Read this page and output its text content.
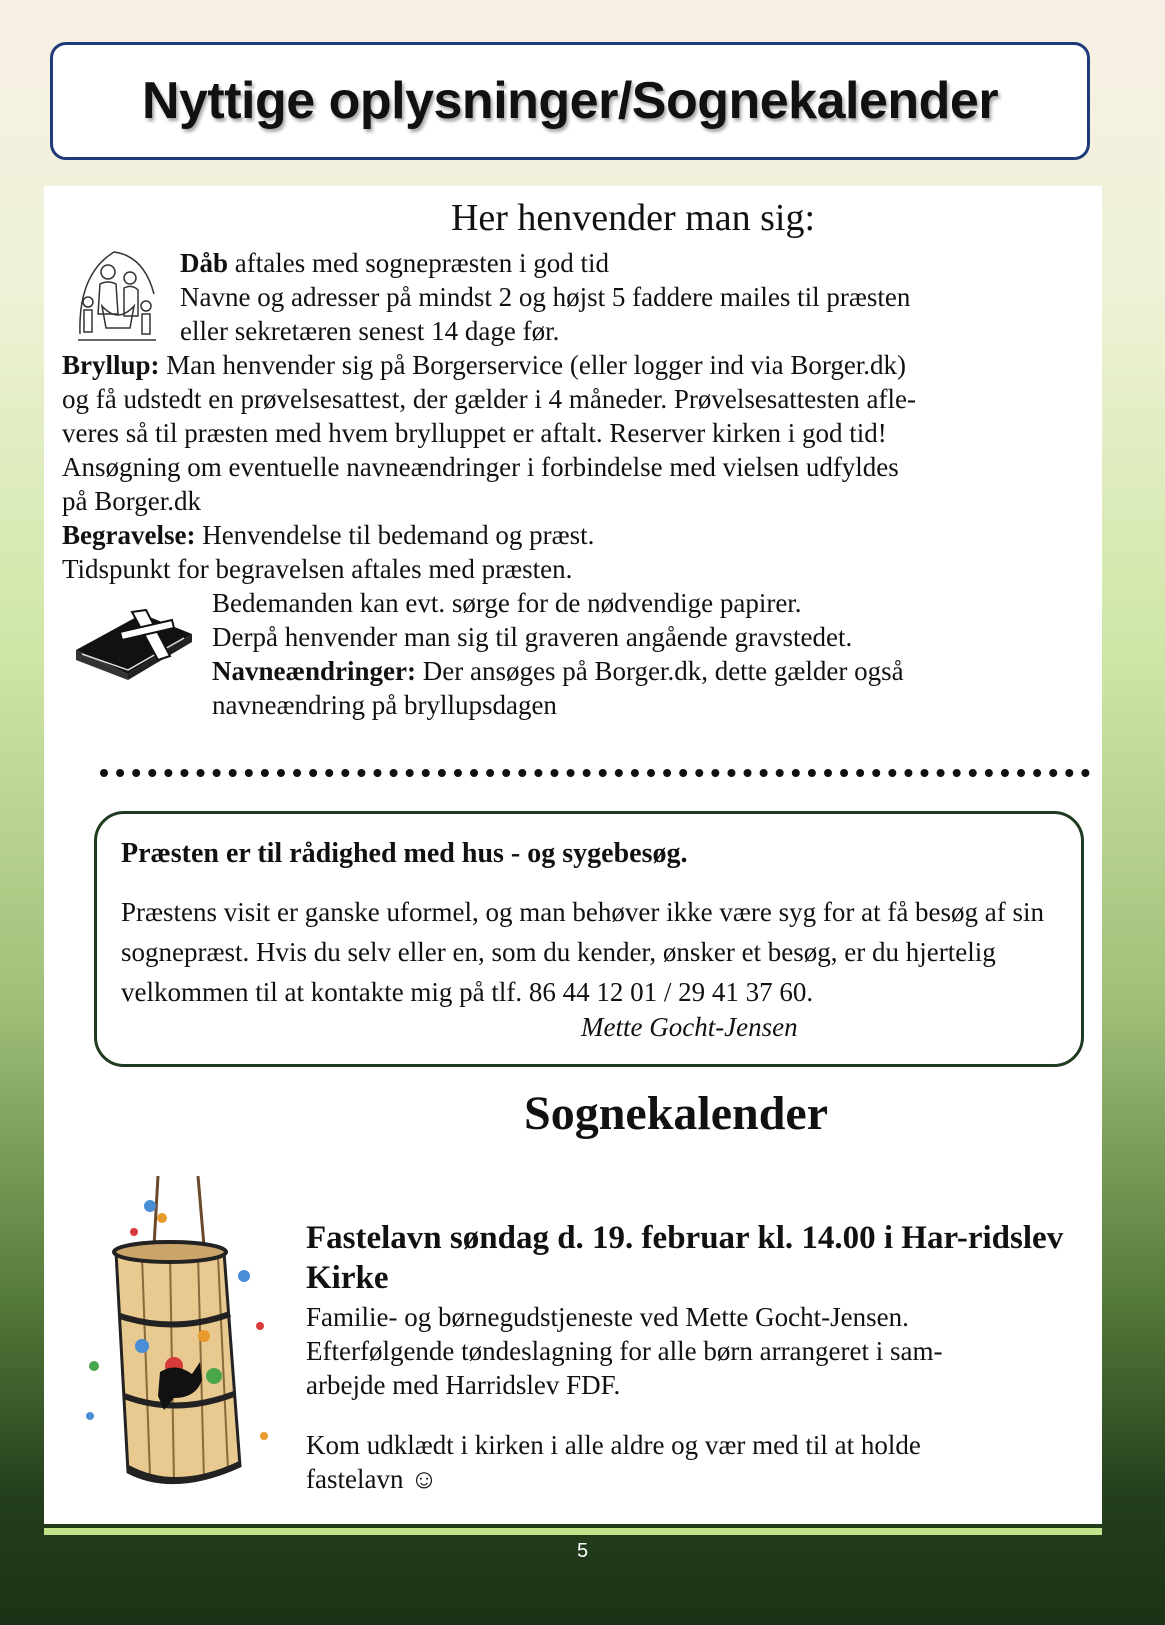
Nyttige oplysninger/Sognekalender
Her henvender man sig:
Dåb aftales med sognepræsten i god tid
Navne og adresser på mindst 2 og højst 5 faddere mailes til præsten
eller sekretæren senest 14 dage før.
Bryllup: Man henvender sig på Borgerservice (eller logger ind via Borger.dk)
og få udstedt en prøvelsesattest, der gælder i 4 måneder. Prøvelsesattesten afle-
veres så til præsten med hvem brylluppet er aftalt. Reserver kirken i god tid!
Ansøgning om eventuelle navneændringer i forbindelse med vielsen udfyldes
på Borger.dk
Begravelse: Henvendelse til bedemand og præst.
Tidspunkt for begravelsen aftales med præsten.
Bedemanden kan evt. sørge for de nødvendige papirer.
Derpå henvender man sig til graveren angående gravstedet.
Navneændringer: Der ansøges på Borger.dk, dette gælder også
navneændring på bryllupsdagen
Præsten er til rådighed med hus - og sygebesøg.
Præstens visit er ganske uformel, og man behøver ikke være syg for at få besøg af sin sognepræst. Hvis du selv eller en, som du kender, ønsker et besøg, er du hjertelig velkommen til at kontakte mig på tlf. 86 44 12 01 / 29 41 37 60.
Mette Gocht-Jensen
Sognekalender
Fastelavn søndag d. 19. februar kl. 14.00 i Har-ridslev Kirke
Familie- og børnegudstjeneste ved Mette Gocht-Jensen.
Efterfølgende tøndeslagning for alle børn arrangeret i sam-
arbejde med Harridslev FDF.
Kom udklædt i kirken i alle aldre og vær med til at holde
fastelavn ☺
5
